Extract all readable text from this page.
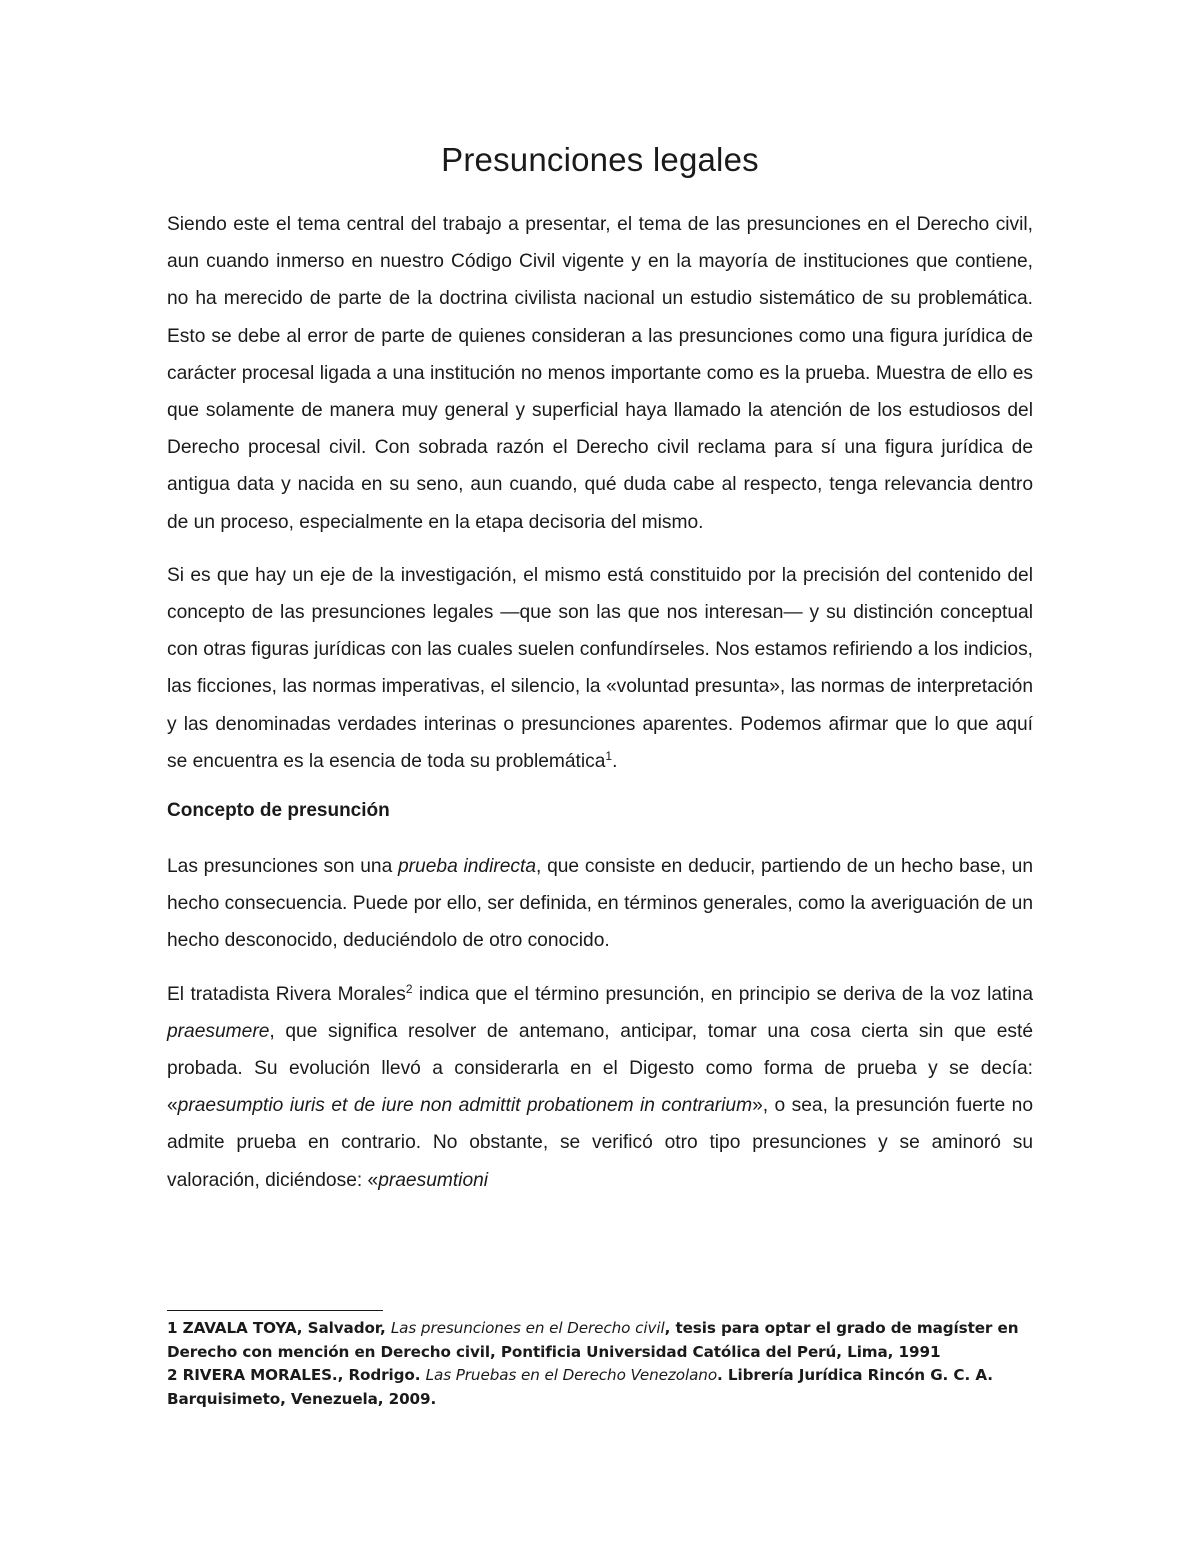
Presunciones legales

Siendo este el tema central del trabajo a presentar, el tema de las presunciones en el Derecho civil, aun cuando inmerso en nuestro Código Civil vigente y en la mayoría de instituciones que contiene, no ha merecido de parte de la doctrina civilista nacional un estudio sistemático de su problemática. Esto se debe al error de parte de quienes consideran a las presunciones como una figura jurídica de carácter procesal ligada a una institución no menos importante como es la prueba. Muestra de ello es que solamente de manera muy general y superficial haya llamado la atención de los estudiosos del Derecho procesal civil. Con sobrada razón el Derecho civil reclama para sí una figura jurídica de antigua data y nacida en su seno, aun cuando, qué duda cabe al respecto, tenga relevancia dentro de un proceso, especialmente en la etapa decisoria del mismo.

Si es que hay un eje de la investigación, el mismo está constituido por la precisión del contenido del concepto de las presunciones legales —que son las que nos interesan— y su distinción conceptual con otras figuras jurídicas con las cuales suelen confundírseles. Nos estamos refiriendo a los indicios, las ficciones, las normas imperativas, el silencio, la «voluntad presunta», las normas de interpretación y las denominadas verdades interinas o presunciones aparentes. Podemos afirmar que lo que aquí se encuentra es la esencia de toda su problemática$^1$.

Concepto de presunción

Las presunciones son una prueba indirecta, que consiste en deducir, partiendo de un hecho base, un hecho consecuencia. Puede por ello, ser definida, en términos generales, como la averiguación de un hecho desconocido, deduciéndolo de otro conocido.

El tratadista Rivera Morales$^2$ indica que el término presunción, en principio se deriva de la voz latina praesumere, que significa resolver de antemano, anticipar, tomar una cosa cierta sin que esté probada. Su evolución llevó a considerarla en el Digesto como forma de prueba y se decía: «praesumptio iuris et de iure non admittit probationem in contrarium», o sea, la presunción fuerte no admite prueba en contrario. No obstante, se verificó otro tipo presunciones y se aminoró su valoración, diciéndose: «praesumtioni

1 ZAVALA TOYA, Salvador, Las presunciones en el Derecho civil, tesis para optar el grado de magíster en Derecho con mención en Derecho civil, Pontificia Universidad Católica del Perú, Lima, 1991

2 RIVERA MORALES., Rodrigo. Las Pruebas en el Derecho Venezolano. Librería Jurídica Rincón G. C. A. Barquisimeto, Venezuela, 2009.
